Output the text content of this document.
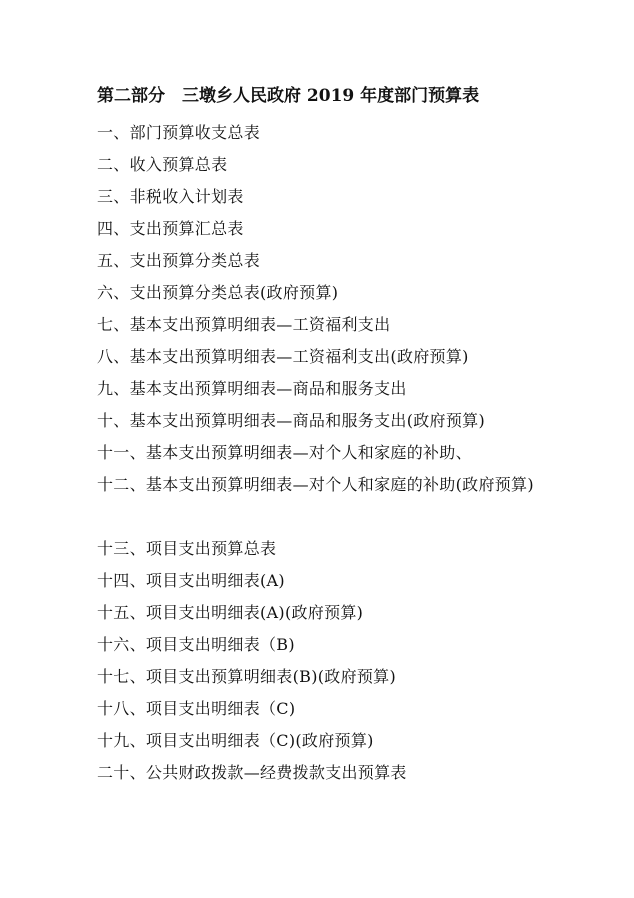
第二部分　三墩乡人民政府 2019 年度部门预算表
一、部门预算收支总表
二、收入预算总表
三、非税收入计划表
四、支出预算汇总表
五、支出预算分类总表
六、支出预算分类总表(政府预算)
七、基本支出预算明细表—工资福利支出
八、基本支出预算明细表—工资福利支出(政府预算)
九、基本支出预算明细表—商品和服务支出
十、基本支出预算明细表—商品和服务支出(政府预算)
十一、基本支出预算明细表—对个人和家庭的补助、
十二、基本支出预算明细表—对个人和家庭的补助(政府预算)
十三、项目支出预算总表
十四、项目支出明细表(A)
十五、项目支出明细表(A)(政府预算)
十六、项目支出明细表（B)
十七、项目支出预算明细表(B)(政府预算)
十八、项目支出明细表（C)
十九、项目支出明细表（C)(政府预算)
二十、公共财政拨款—经费拨款支出预算表
